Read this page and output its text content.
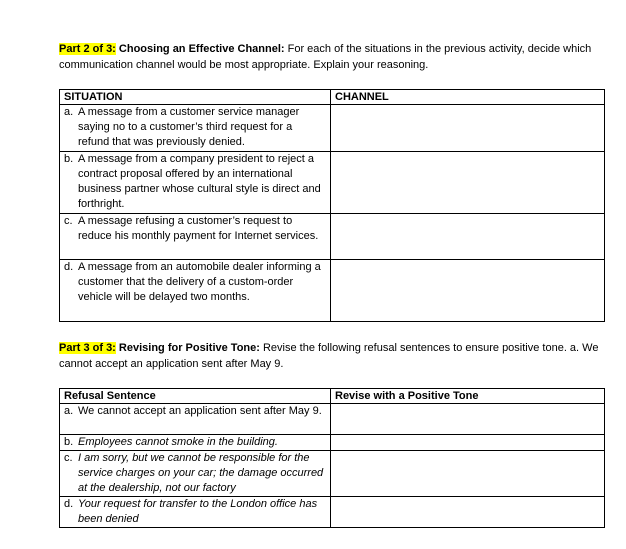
Part 2 of 3: Choosing an Effective Channel: For each of the situations in the previous activity, decide which communication channel would be most appropriate. Explain your reasoning.
SITUATION	CHANNEL

a. A message from a customer service manager saying no to a customer’s third request for a refund that was previously denied.	

b. A message from a company president to reject a contract proposal offered by an international business partner whose cultural style is direct and forthright.	

c. A message refusing a customer’s request to reduce his monthly payment for Internet services.	

d. A message from an automobile dealer informing a customer that the delivery of a custom-order vehicle will be delayed two months.	

Part 3 of 3: Revising for Positive Tone: Revise the following refusal sentences to ensure positive tone. a. We cannot accept an application sent after May 9.
Refusal Sentence	Revise with a Positive Tone

a. We cannot accept an application sent after May 9.	

b. Employees cannot smoke in the building.	

c. I am sorry, but we cannot be responsible for the service charges on your car; the damage occurred at the dealership, not our factory	

d. Your request for transfer to the London office has been denied	
